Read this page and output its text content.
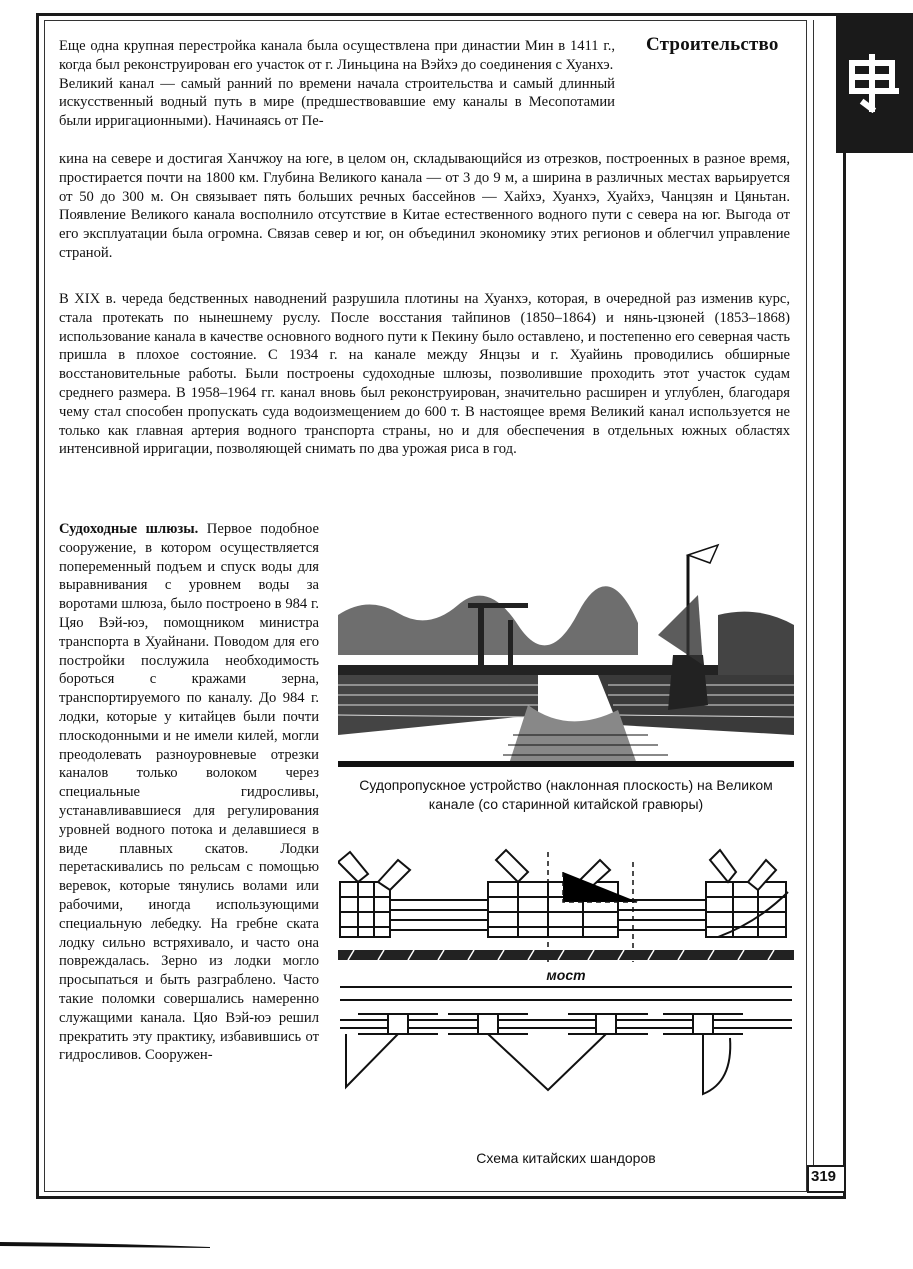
Строительство

Еще одна крупная перестройка канала была осуществлена при династии Мин в 1411 г., когда был реконструирован его участок от г. Линьцина на Вэйхэ до соединения с Хуанхэ.

Великий канал — самый ранний по времени начала строительства и самый длинный искусственный водный путь в мире (предшествовавшие ему каналы в Месопотамии были ирригационными). Начинаясь от Пе-

кина на севере и достигая Ханчжоу на юге, в целом он, складывающийся из отрезков, построенных в разное время, простирается почти на 1800 км. Глубина Великого канала — от 3 до 9 м, а ширина в различных местах варьируется от 50 до 300 м. Он связывает пять больших речных бассейнов — Хайхэ, Хуанхэ, Хуайхэ, Чанцзян и Цяньтан. Появление Великого канала восполнило отсутствие в Китае естественного водного пути с севера на юг. Выгода от его эксплуатации была огромна. Связав север и юг, он объединил экономику этих регионов и облегчил управление страной.

В XIX в. череда бедственных наводнений разрушила плотины на Хуанхэ, которая, в очередной раз изменив курс, стала протекать по нынешнему руслу. После восстания тайпинов (1850–1864) и нянь-цзюней (1853–1868) использование канала в качестве основного водного пути к Пекину было оставлено, и постепенно его северная часть пришла в плохое состояние. С 1934 г. на канале между Янцзы и г. Хуайинь проводились обширные восстановительные работы. Были построены судоходные шлюзы, позволившие проходить этот участок судам среднего размера. В 1958–1964 гг. канал вновь был реконструирован, значительно расширен и углублен, благодаря чему стал способен пропускать суда водоизмещением до 600 т. В настоящее время Великий канал используется не только как главная артерия водного транспорта страны, но и для обеспечения в отдельных южных областях интенсивной ирригации, позволяющей снимать по два урожая риса в год.

Судоходные шлюзы. Первое подобное сооружение, в котором осуществляется попеременный подъем и спуск воды для выравнивания с уровнем воды за воротами шлюза, было построено в 984 г. Цяо Вэй-юэ, помощником министра транспорта в Хуайнани. Поводом для его постройки послужила необходимость бороться с кражами зерна, транспортируемого по каналу. До 984 г. лодки, которые у китайцев были почти плоскодонными и не имели килей, могли преодолевать разноуровневые отрезки каналов только волоком через специальные гидросливы, устанавливавшиеся для регулирования уровней водного потока и делавшиеся в виде плавных скатов. Лодки перетаскивались по рельсам с помощью веревок, которые тянулись волами или рабочими, иногда использующими специальную лебедку. На гребне ската лодку сильно встряхивало, и часто она повреждалась. Зерно из лодки могло просыпаться и быть разграблено. Часто такие поломки совершались намеренно служащими канала. Цяо Вэй-юэ решил прекратить эту практику, избавившись от гидросливов. Сооружен-
Судопропускное устройство (наклонная плоскость) на Великом канале (со старинной китайской гравюры)
мост
Схема китайских шандоров
319
